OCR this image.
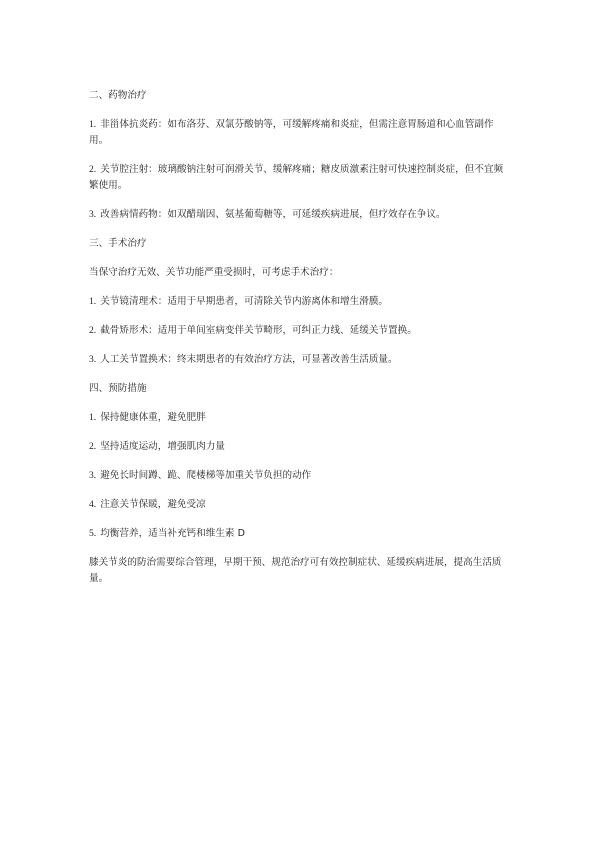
二、药物治疗
1. 非甾体抗炎药：如布洛芬、双氯芬酸钠等，可缓解疼痛和炎症，但需注意胃肠道和心血管副作用。
2. 关节腔注射：玻璃酸钠注射可润滑关节、缓解疼痛；糖皮质激素注射可快速控制炎症，但不宜频繁使用。
3. 改善病情药物：如双醋瑞因、氨基葡萄糖等，可延缓疾病进展，但疗效存在争议。
三、手术治疗
当保守治疗无效、关节功能严重受损时，可考虑手术治疗：
1. 关节镜清理术：适用于早期患者，可清除关节内游离体和增生滑膜。
2. 截骨矫形术：适用于单间室病变伴关节畸形，可纠正力线、延缓关节置换。
3. 人工关节置换术：终末期患者的有效治疗方法，可显著改善生活质量。
四、预防措施
1. 保持健康体重，避免肥胖
2. 坚持适度运动，增强肌肉力量
3. 避免长时间蹲、跪、爬楼梯等加重关节负担的动作
4. 注意关节保暖，避免受凉
5. 均衡营养，适当补充钙和维生素 D
膝关节炎的防治需要综合管理，早期干预、规范治疗可有效控制症状、延缓疾病进展，提高生活质量。
